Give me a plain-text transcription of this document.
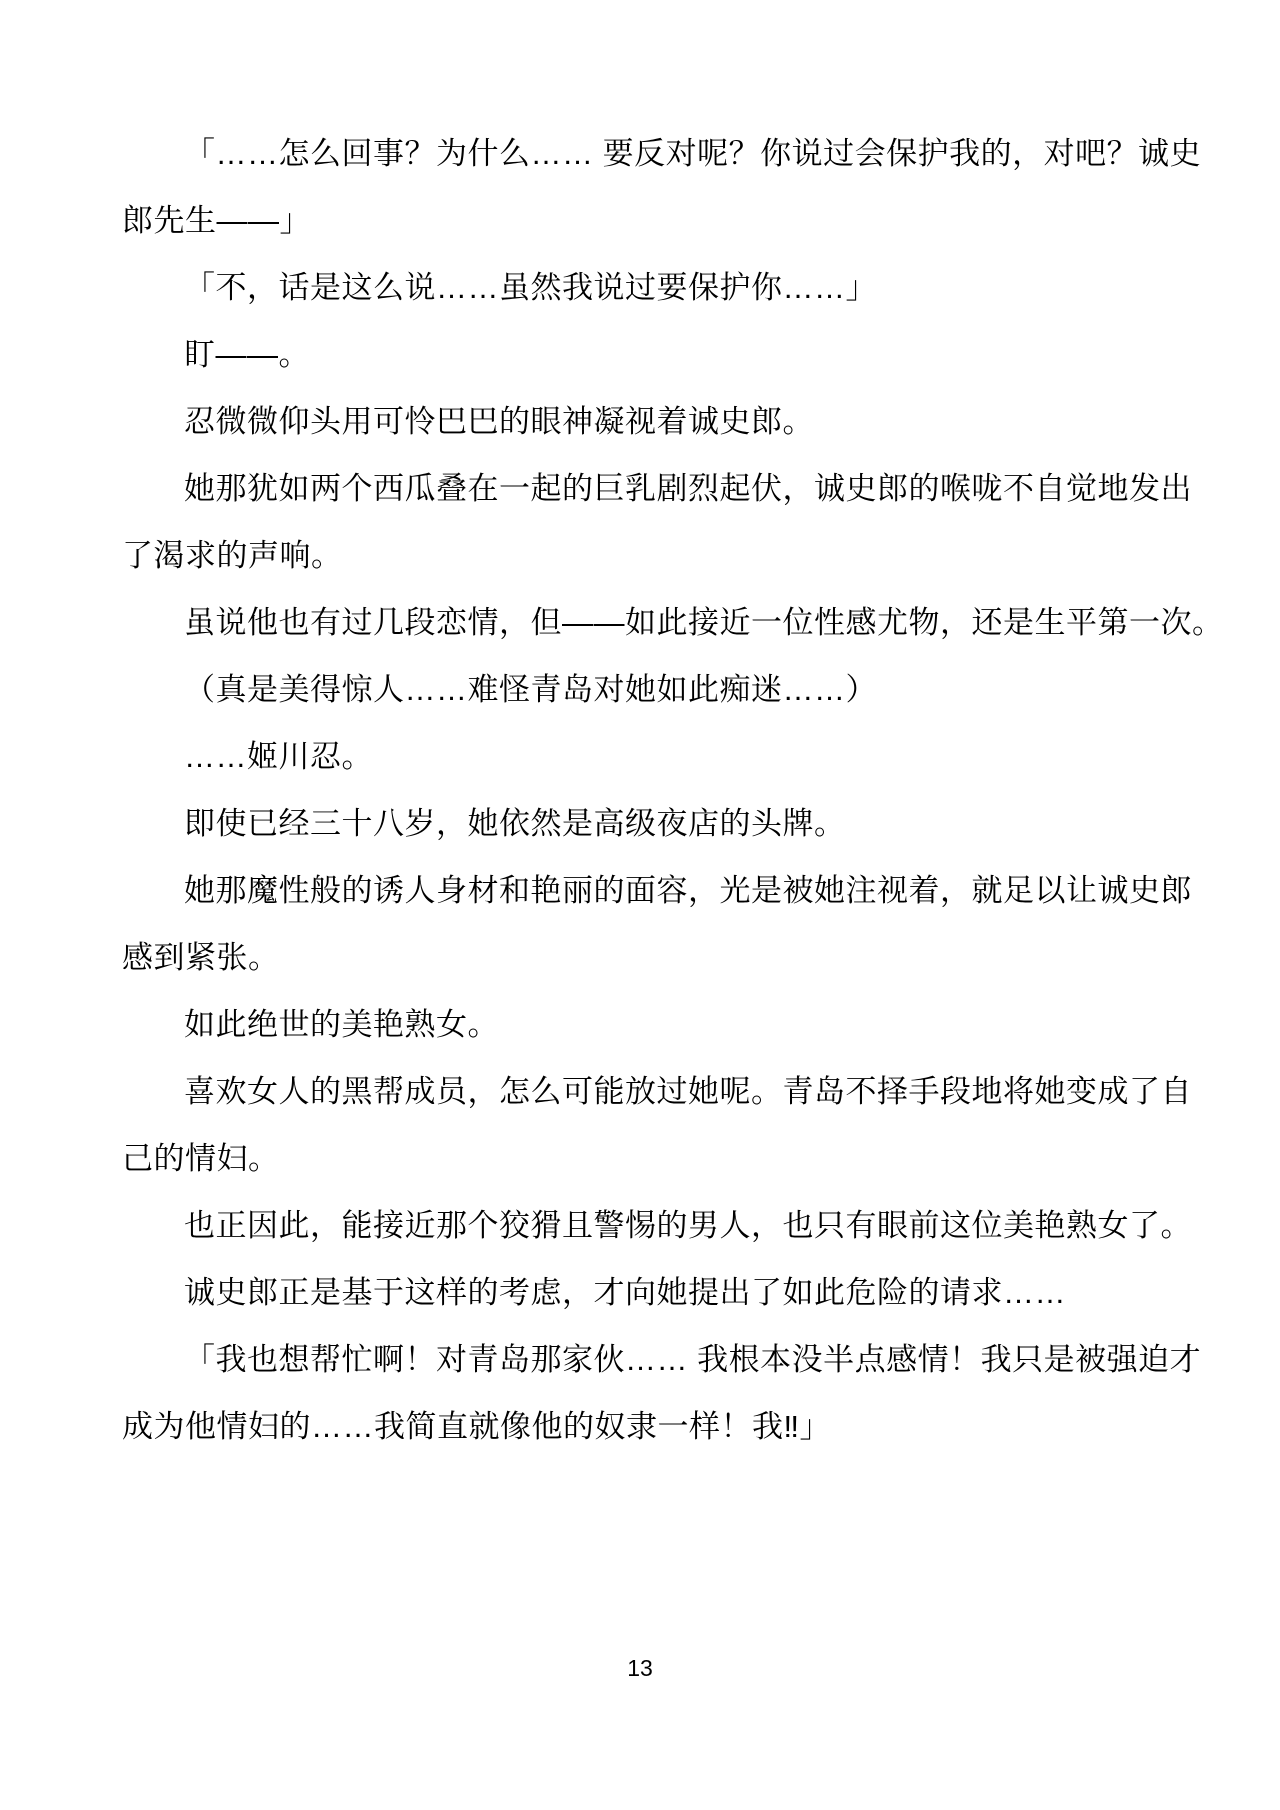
「……怎么回事？为什么…… 要反对呢？你说过会保护我的，对吧？诚史
郎先生——」
「不，话是这么说……虽然我说过要保护你……」
盯——。
忍微微仰头用可怜巴巴的眼神凝视着诚史郎。
她那犹如两个西瓜叠在一起的巨乳剧烈起伏，诚史郎的喉咙不自觉地发出
了渴求的声响。
虽说他也有过几段恋情，但——如此接近一位性感尤物，还是生平第一次。
（真是美得惊人……难怪青岛对她如此痴迷……）
……姬川忍。
即使已经三十八岁，她依然是高级夜店的头牌。
她那魔性般的诱人身材和艳丽的面容，光是被她注视着，就足以让诚史郎
感到紧张。
如此绝世的美艳熟女。
喜欢女人的黑帮成员，怎么可能放过她呢。青岛不择手段地将她变成了自
己的情妇。
也正因此，能接近那个狡猾且警惕的男人，也只有眼前这位美艳熟女了。
诚史郎正是基于这样的考虑，才向她提出了如此危险的请求……
「我也想帮忙啊！对青岛那家伙…… 我根本没半点感情！我只是被强迫才
成为他情妇的……我简直就像他的奴隶一样！我‼」
13
